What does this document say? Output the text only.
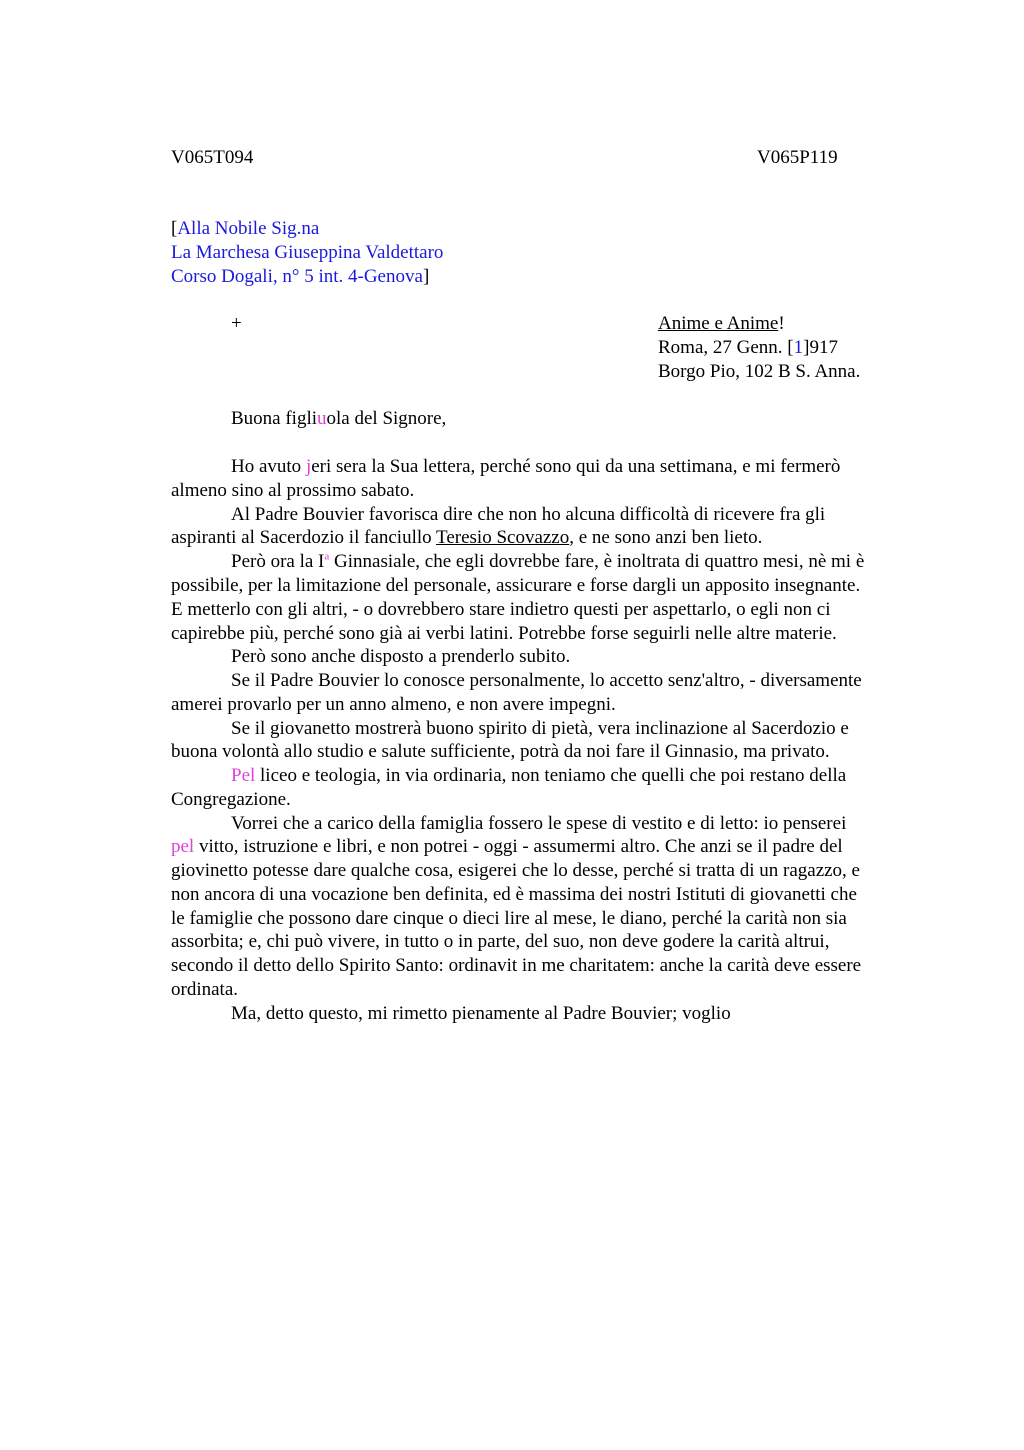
V065T094	V065P119
[Alla Nobile Sig.na
La Marchesa Giuseppina Valdettaro
Corso Dogali, n° 5 int. 4-Genova]
+	Anime e Anime!
Roma, 27 Genn. [1]917
Borgo Pio, 102 B S. Anna.
Buona figliuola del Signore,
Ho avuto jeri sera la Sua lettera, perché sono qui da una settimana, e mi fermerò
almeno sino al prossimo sabato.
Al Padre Bouvier favorisca dire che non ho alcuna difficoltà di ricevere fra gli
aspiranti al Sacerdozio il fanciullo Teresio Scovazzo, e ne sono anzi ben lieto.
Però ora la $I^a$ Ginnasiale, che egli dovrebbe fare, è inoltrata di quattro mesi, nè mi è
possibile, per la limitazione del personale, assicurare e forse dargli un apposito insegnante.
E metterlo con gli altri, - o dovrebbero stare indietro questi per aspettarlo, o egli non ci
capirebbe più, perché sono già ai verbi latini. Potrebbe forse seguirli nelle altre materie.
Però sono anche disposto a prenderlo subito.
Se il Padre Bouvier lo conosce personalmente, lo accetto senz'altro, - diversamente
amerei provarlo per un anno almeno, e non avere impegni.
Se il giovanetto mostrerà buono spirito di pietà, vera inclinazione al Sacerdozio e
buona volontà allo studio e salute sufficiente, potrà da noi fare il Ginnasio, ma privato.
Pel liceo e teologia, in via ordinaria, non teniamo che quelli che poi restano della
Congregazione.
Vorrei che a carico della famiglia fossero le spese di vestito e di letto: io penserei
pel vitto, istruzione e libri, e non potrei - oggi - assumermi altro. Che anzi se il padre del
giovinetto potesse dare qualche cosa, esigerei che lo desse, perché si tratta di un ragazzo, e
non ancora di una vocazione ben definita, ed è massima dei nostri Istituti di giovanetti che
le famiglie che possono dare cinque o dieci lire al mese, le diano, perché la carità non sia
assorbita; e, chi può vivere, in tutto o in parte, del suo, non deve godere la carità altrui,
secondo il detto dello Spirito Santo: ordinavit in me charitatem: anche la carità deve essere
ordinata.
Ma, detto questo, mi rimetto pienamente al Padre Bouvier; voglio
